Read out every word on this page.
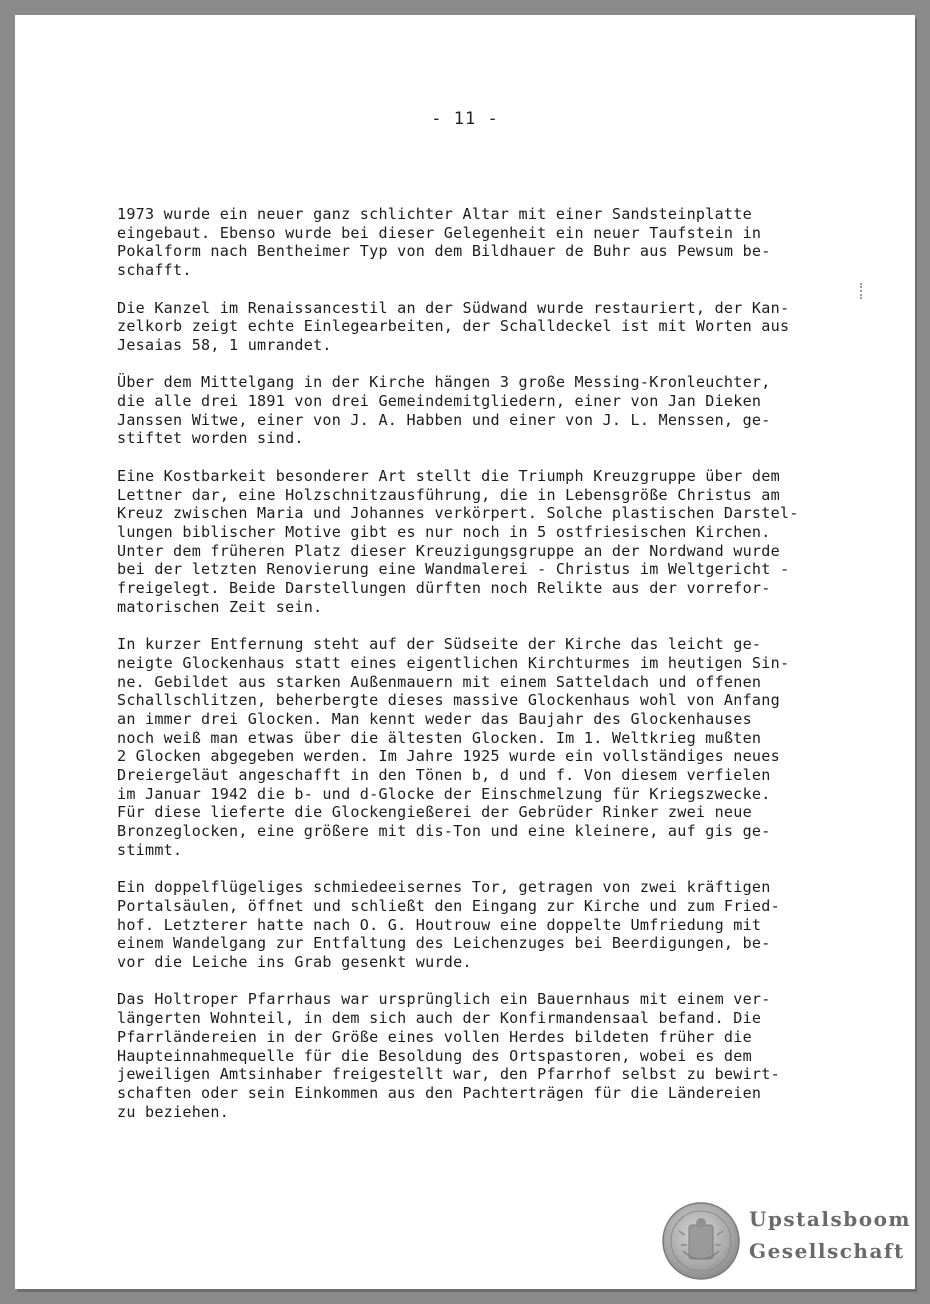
- 11 -
1973 wurde ein neuer ganz schlichter Altar mit einer Sandsteinplatte
eingebaut. Ebenso wurde bei dieser Gelegenheit ein neuer Taufstein in
Pokalform nach Bentheimer Typ von dem Bildhauer de Buhr aus Pewsum be-
schafft.
Die Kanzel im Renaissancestil an der Südwand wurde restauriert, der Kan-
zelkorb zeigt echte Einlegearbeiten, der Schalldeckel ist mit Worten aus
Jesaias 58, 1 umrandet.
Über dem Mittelgang in der Kirche hängen 3 große Messing-Kronleuchter,
die alle drei 1891 von drei Gemeindemitgliedern, einer von Jan Dieken
Janssen Witwe, einer von J. A. Habben und einer von J. L. Menssen, ge-
stiftet worden sind.
Eine Kostbarkeit besonderer Art stellt die Triumph Kreuzgruppe über dem
Lettner dar, eine Holzschnitzausführung, die in Lebensgröße Christus am
Kreuz zwischen Maria und Johannes verkörpert. Solche plastischen Darstel-
lungen biblischer Motive gibt es nur noch in 5 ostfriesischen Kirchen.
Unter dem früheren Platz dieser Kreuzigungsgruppe an der Nordwand wurde
bei der letzten Renovierung eine Wandmalerei - Christus im Weltgericht -
freigelegt. Beide Darstellungen dürften noch Relikte aus der vorrefor-
matorischen Zeit sein.
In kurzer Entfernung steht auf der Südseite der Kirche das leicht ge-
neigte Glockenhaus statt eines eigentlichen Kirchturmes im heutigen Sin-
ne. Gebildet aus starken Außenmauern mit einem Satteldach und offenen
Schallschlitzen, beherbergte dieses massive Glockenhaus wohl von Anfang
an immer drei Glocken. Man kennt weder das Baujahr des Glockenhauses
noch weiß man etwas über die ältesten Glocken. Im 1. Weltkrieg mußten
2 Glocken abgegeben werden. Im Jahre 1925 wurde ein vollständiges neues
Dreiergeläut angeschafft in den Tönen b, d und f. Von diesem verfielen
im Januar 1942 die b- und d-Glocke der Einschmelzung für Kriegszwecke.
Für diese lieferte die Glockengießerei der Gebrüder Rinker zwei neue
Bronzeglocken, eine größere mit dis-Ton und eine kleinere, auf gis ge-
stimmt.
Ein doppelflügeliges schmiedeeisernes Tor, getragen von zwei kräftigen
Portalsäulen, öffnet und schließt den Eingang zur Kirche und zum Fried-
hof. Letzterer hatte nach O. G. Houtrouw eine doppelte Umfriedung mit
einem Wandelgang zur Entfaltung des Leichenzuges bei Beerdigungen, be-
vor die Leiche ins Grab gesenkt wurde.
Das Holtroper Pfarrhaus war ursprünglich ein Bauernhaus mit einem ver-
längerten Wohnteil, in dem sich auch der Konfirmandensaal befand. Die
Pfarrländereien in der Größe eines vollen Herdes bildeten früher die
Haupteinnahmequelle für die Besoldung des Ortspastoren, wobei es dem
jeweiligen Amtsinhaber freigestellt war, den Pfarrhof selbst zu bewirt-
schaften oder sein Einkommen aus den Pachterträgen für die Ländereien
zu beziehen.
Upstalsboom
Gesellschaft
